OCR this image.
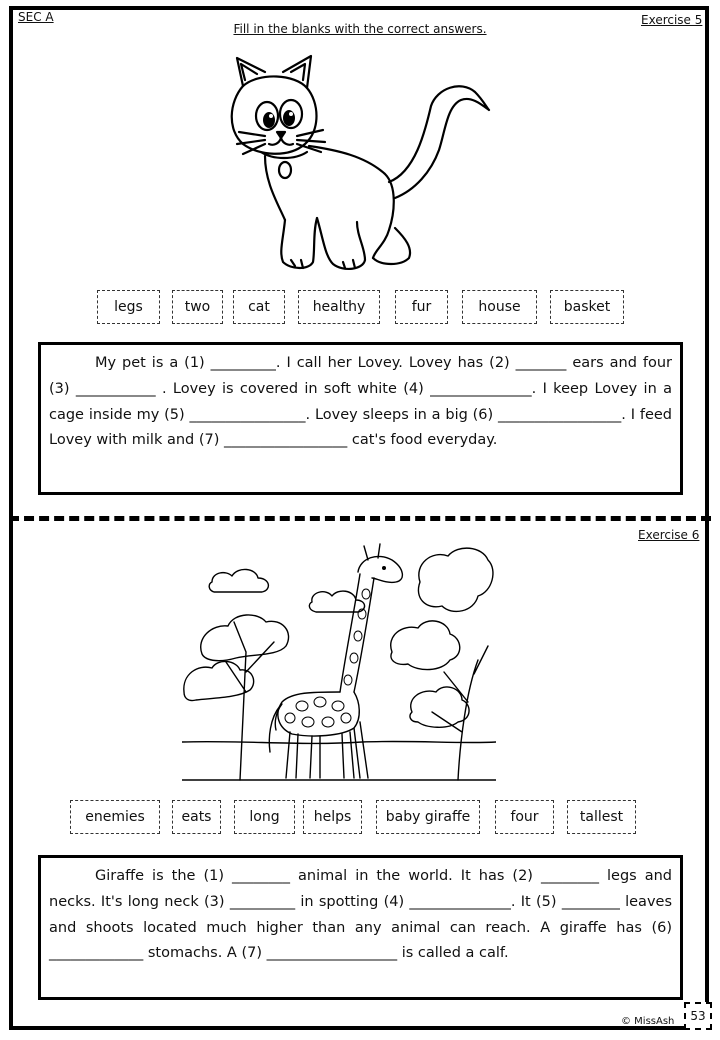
SEC A
Fill in the blanks with the correct answers.
Exercise 5
legs	two	cat	healthy	fur	house	basket

My pet is a (1) _________. I call her Lovey. Lovey has (2) _______ ears and four (3) ___________ . Lovey is covered in soft white (4) ______________. I keep Lovey in a cage inside my (5) ________________. Lovey sleeps in a big (6) _________________. I feed Lovey with milk and (7) _________________ cat's food everyday.

Exercise 6
enemies	eats	long	helps	baby giraffe	four	tallest

Giraffe is the (1) ________ animal in the world. It has (2) ________ legs and necks. It's long neck (3) _________ in spotting (4) ______________. It (5) ________ leaves and shoots located much higher than any animal can reach. A giraffe has (6) _____________ stomachs. A (7) __________________ is called a calf.

© MissAsh	53
